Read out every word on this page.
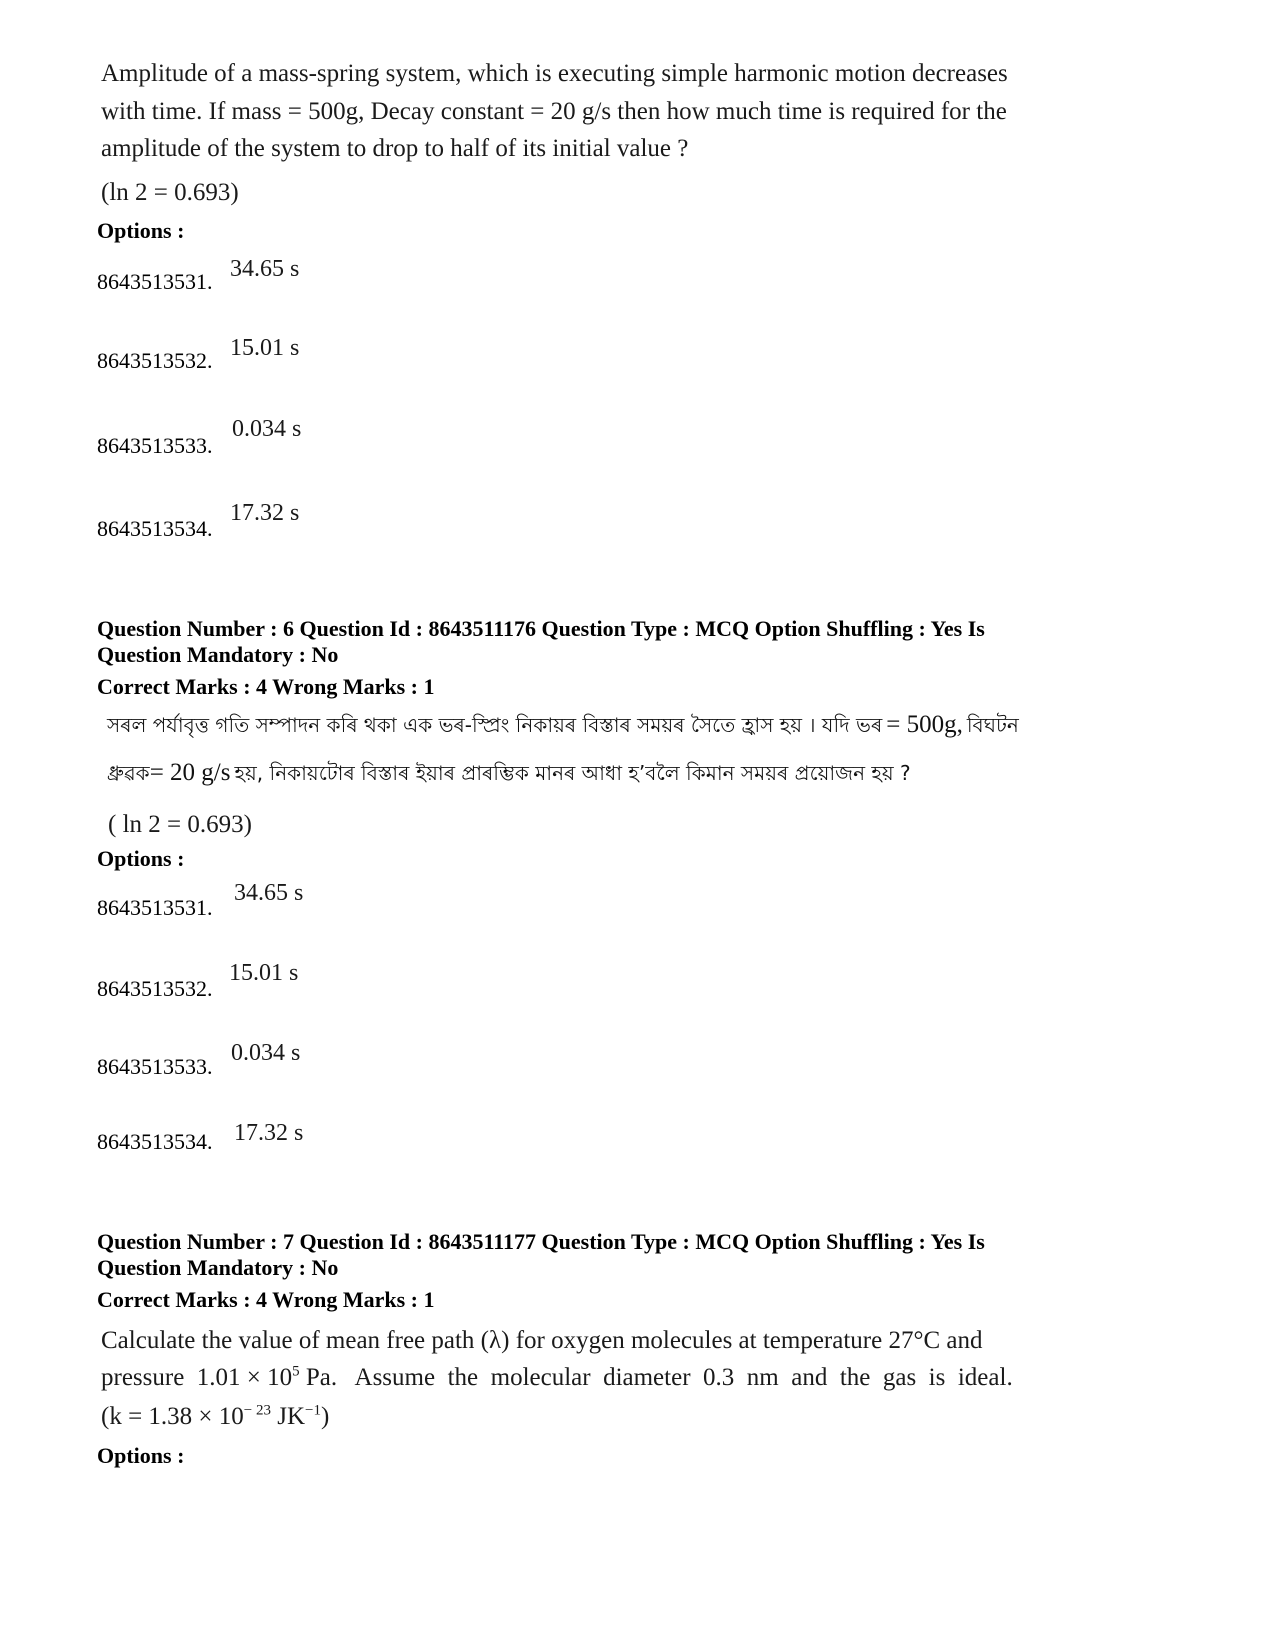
Amplitude of a mass-spring system, which is executing simple harmonic motion decreases
with time. If mass = 500g, Decay constant = 20 g/s then how much time is required for the
amplitude of the system to drop to half of its initial value ?
(ln 2 = 0.693)
Options :
8643513531. 34.65 s
8643513532. 15.01 s
8643513533.
0.034 s
8643513534.
17.32 s
Question Number : 6 Question Id : 8643511176 Question Type : MCQ Option Shuffling : Yes Is
Question Mandatory : No
Correct Marks : 4 Wrong Marks : 1
সৰল পৰ্যাবৃত্ত গতি সম্পাদন কৰি থকা এক ভৰ-স্প্ৰিং নিকায়ৰ বিস্তাৰ সময়ৰ সৈতে হ্ৰাস হয় । যদি ভৰ = 500g, বিঘটন
ধ্ৰুৱক= 20 g/s হয়, নিকায়টোৰ বিস্তাৰ ইয়াৰ প্ৰাৰম্ভিক মানৰ আধা হ’বলৈ কিমান সময়ৰ প্ৰয়োজন হয় ?
( ln 2 = 0.693)
Options :
8643513531.
34.65 s
8643513532.
15.01 s
8643513533.
0.034 s
8643513534. 17.32 s
Question Number : 7 Question Id : 8643511177 Question Type : MCQ Option Shuffling : Yes Is
Question Mandatory : No
Correct Marks : 4 Wrong Marks : 1
Calculate the value of mean free path (λ) for oxygen molecules at temperature 27°C and
pressure  $1.01 \times 10^5$ Pa.   Assume  the  molecular  diameter  0.3  nm  and  the  gas  is  ideal.
($k = 1.38 \times 10^{- 23}$ $JK^{-1}$)
Options :
